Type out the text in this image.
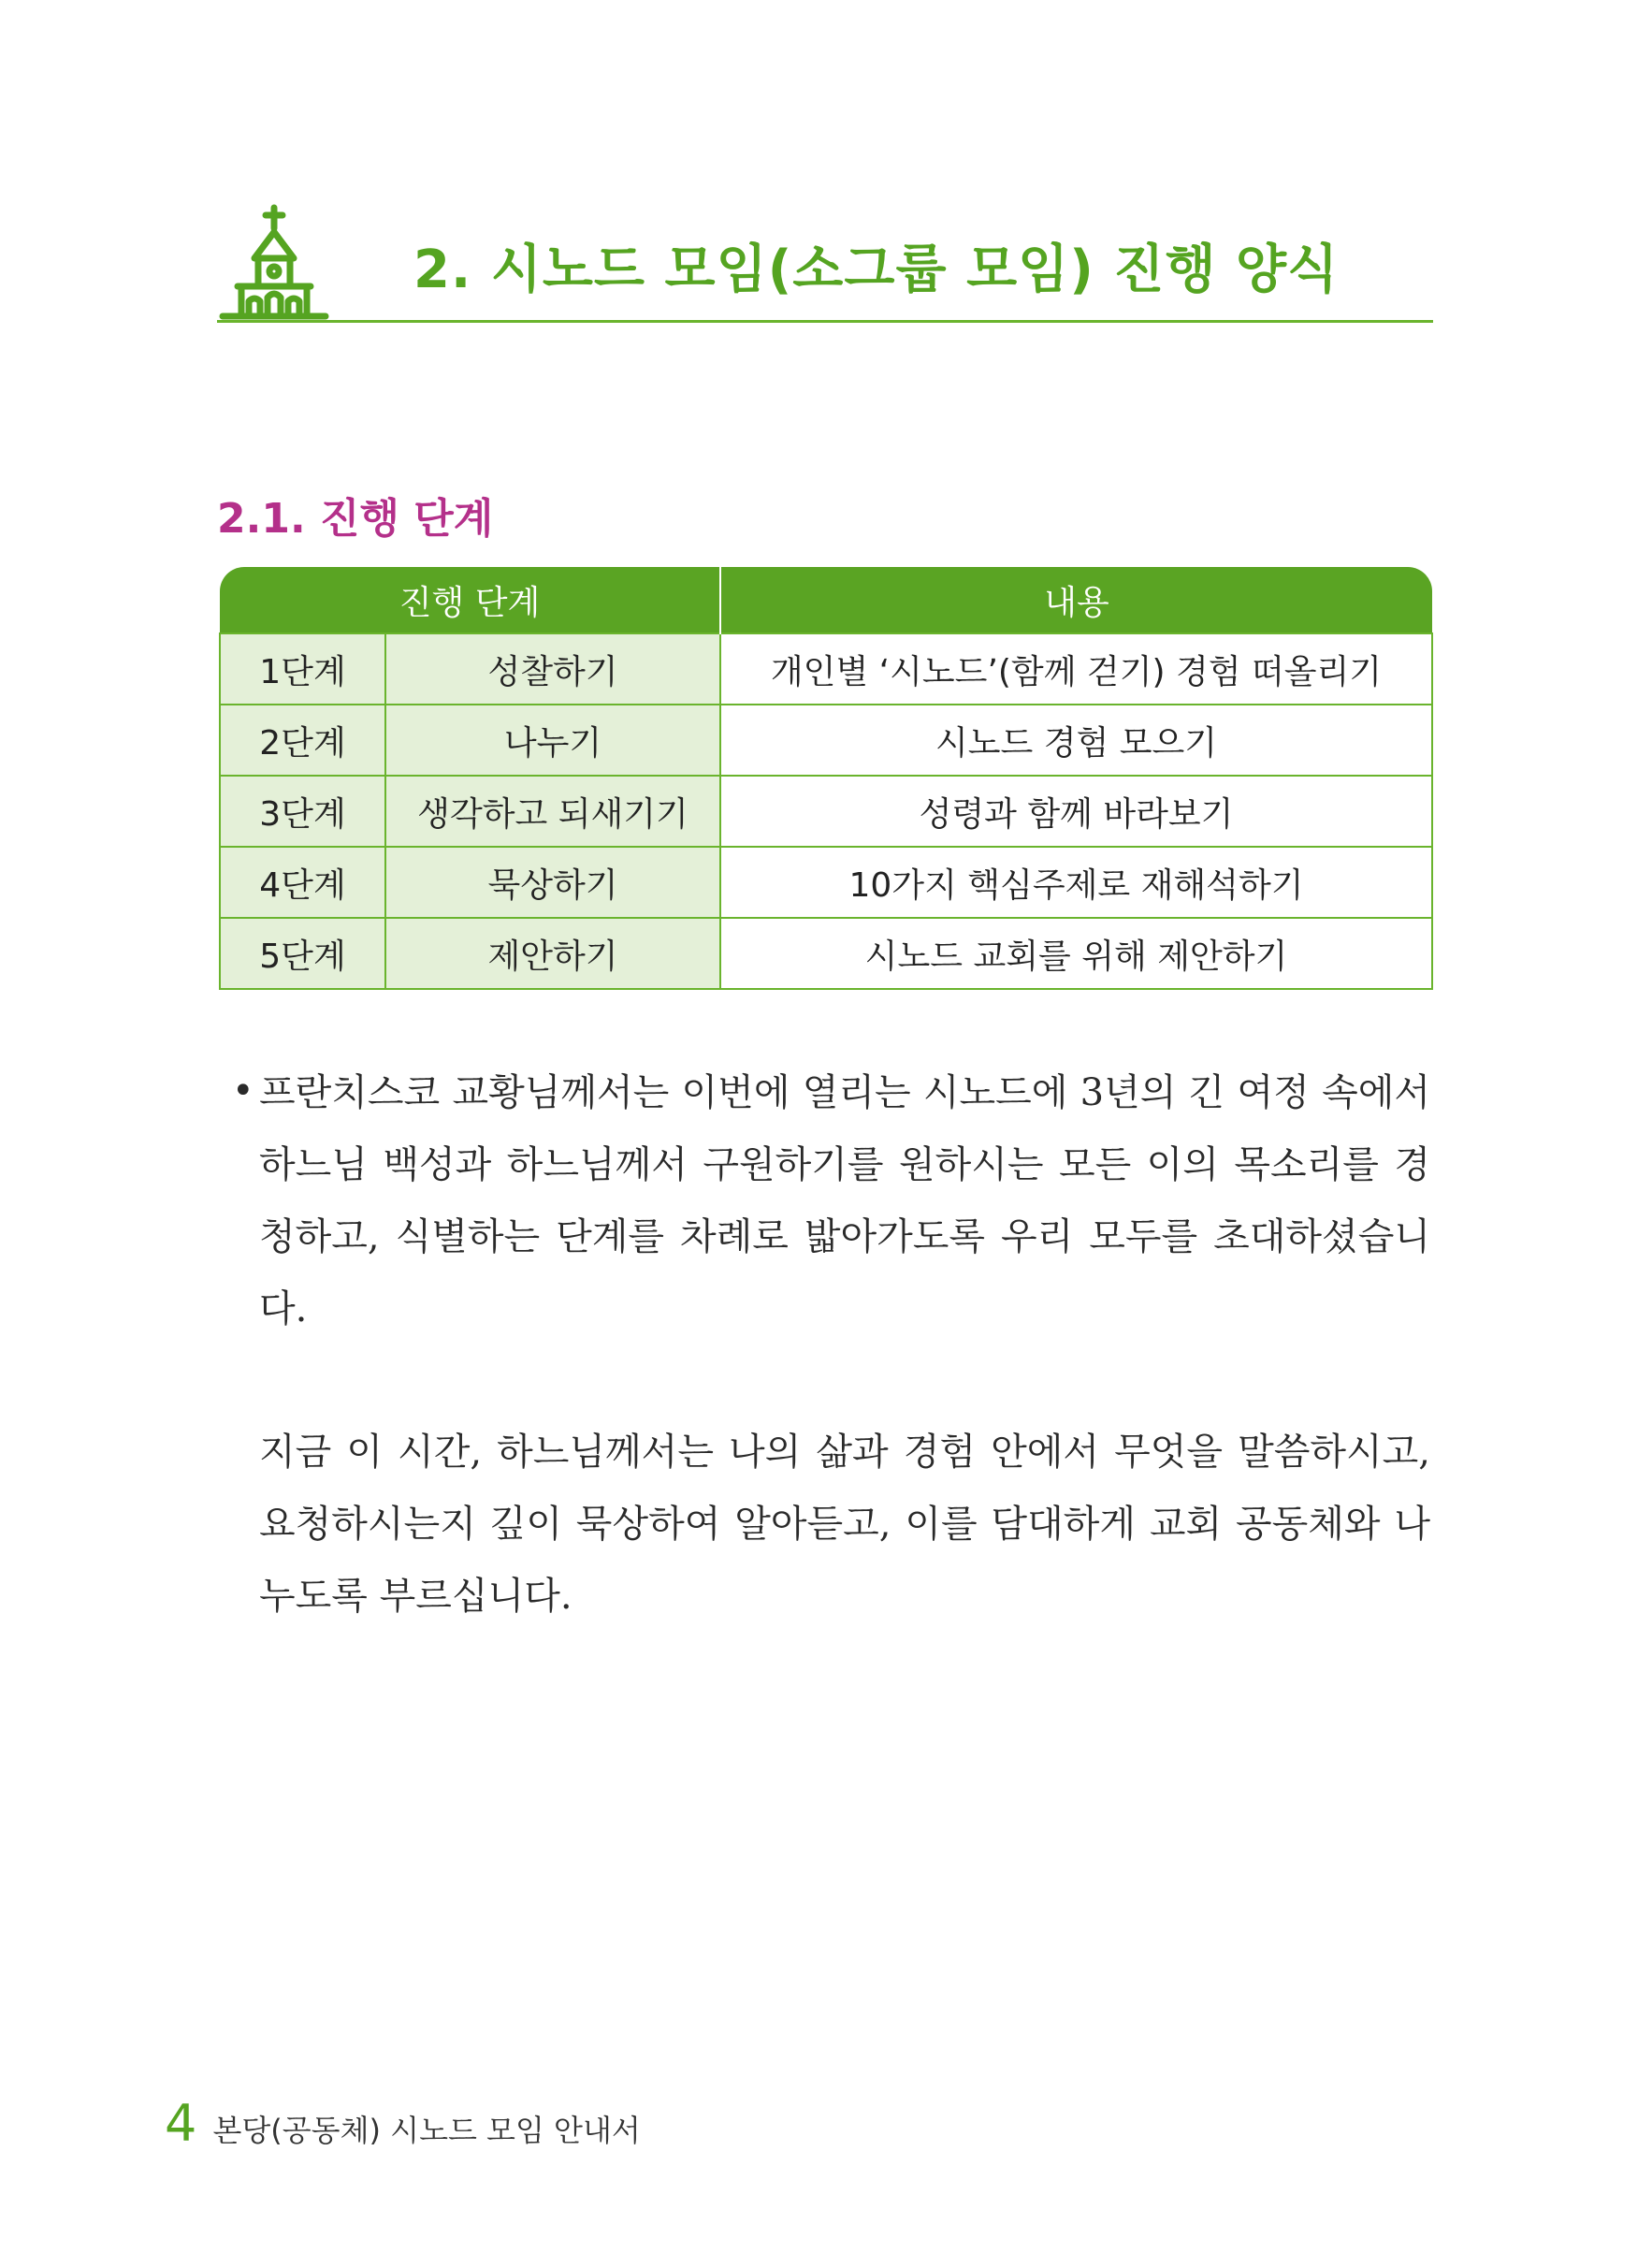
2. 시노드 모임(소그룹 모임) 진행 양식
2.1. 진행 단계
진행 단계		내용
1단계	성찰하기	개인별 ‘시노드’(함께 걷기) 경험 떠올리기
2단계	나누기	시노드 경험 모으기
3단계	생각하고 되새기기	성령과 함께 바라보기
4단계	묵상하기	10가지 핵심주제로 재해석하기
5단계	제안하기	시노드 교회를 위해 제안하기
• 프란치스코 교황님께서는 이번에 열리는 시노드에 3년의 긴 여정 속에서 하느님 백성과 하느님께서 구원하기를 원하시는 모든 이의 목소리를 경청하고, 식별하는 단계를 차례로 밟아가도록 우리 모두를 초대하셨습니다.

지금 이 시간, 하느님께서는 나의 삶과 경험 안에서 무엇을 말씀하시고, 요청하시는지 깊이 묵상하여 알아듣고, 이를 담대하게 교회 공동체와 나누도록 부르십니다.

4 본당(공동체) 시노드 모임 안내서
